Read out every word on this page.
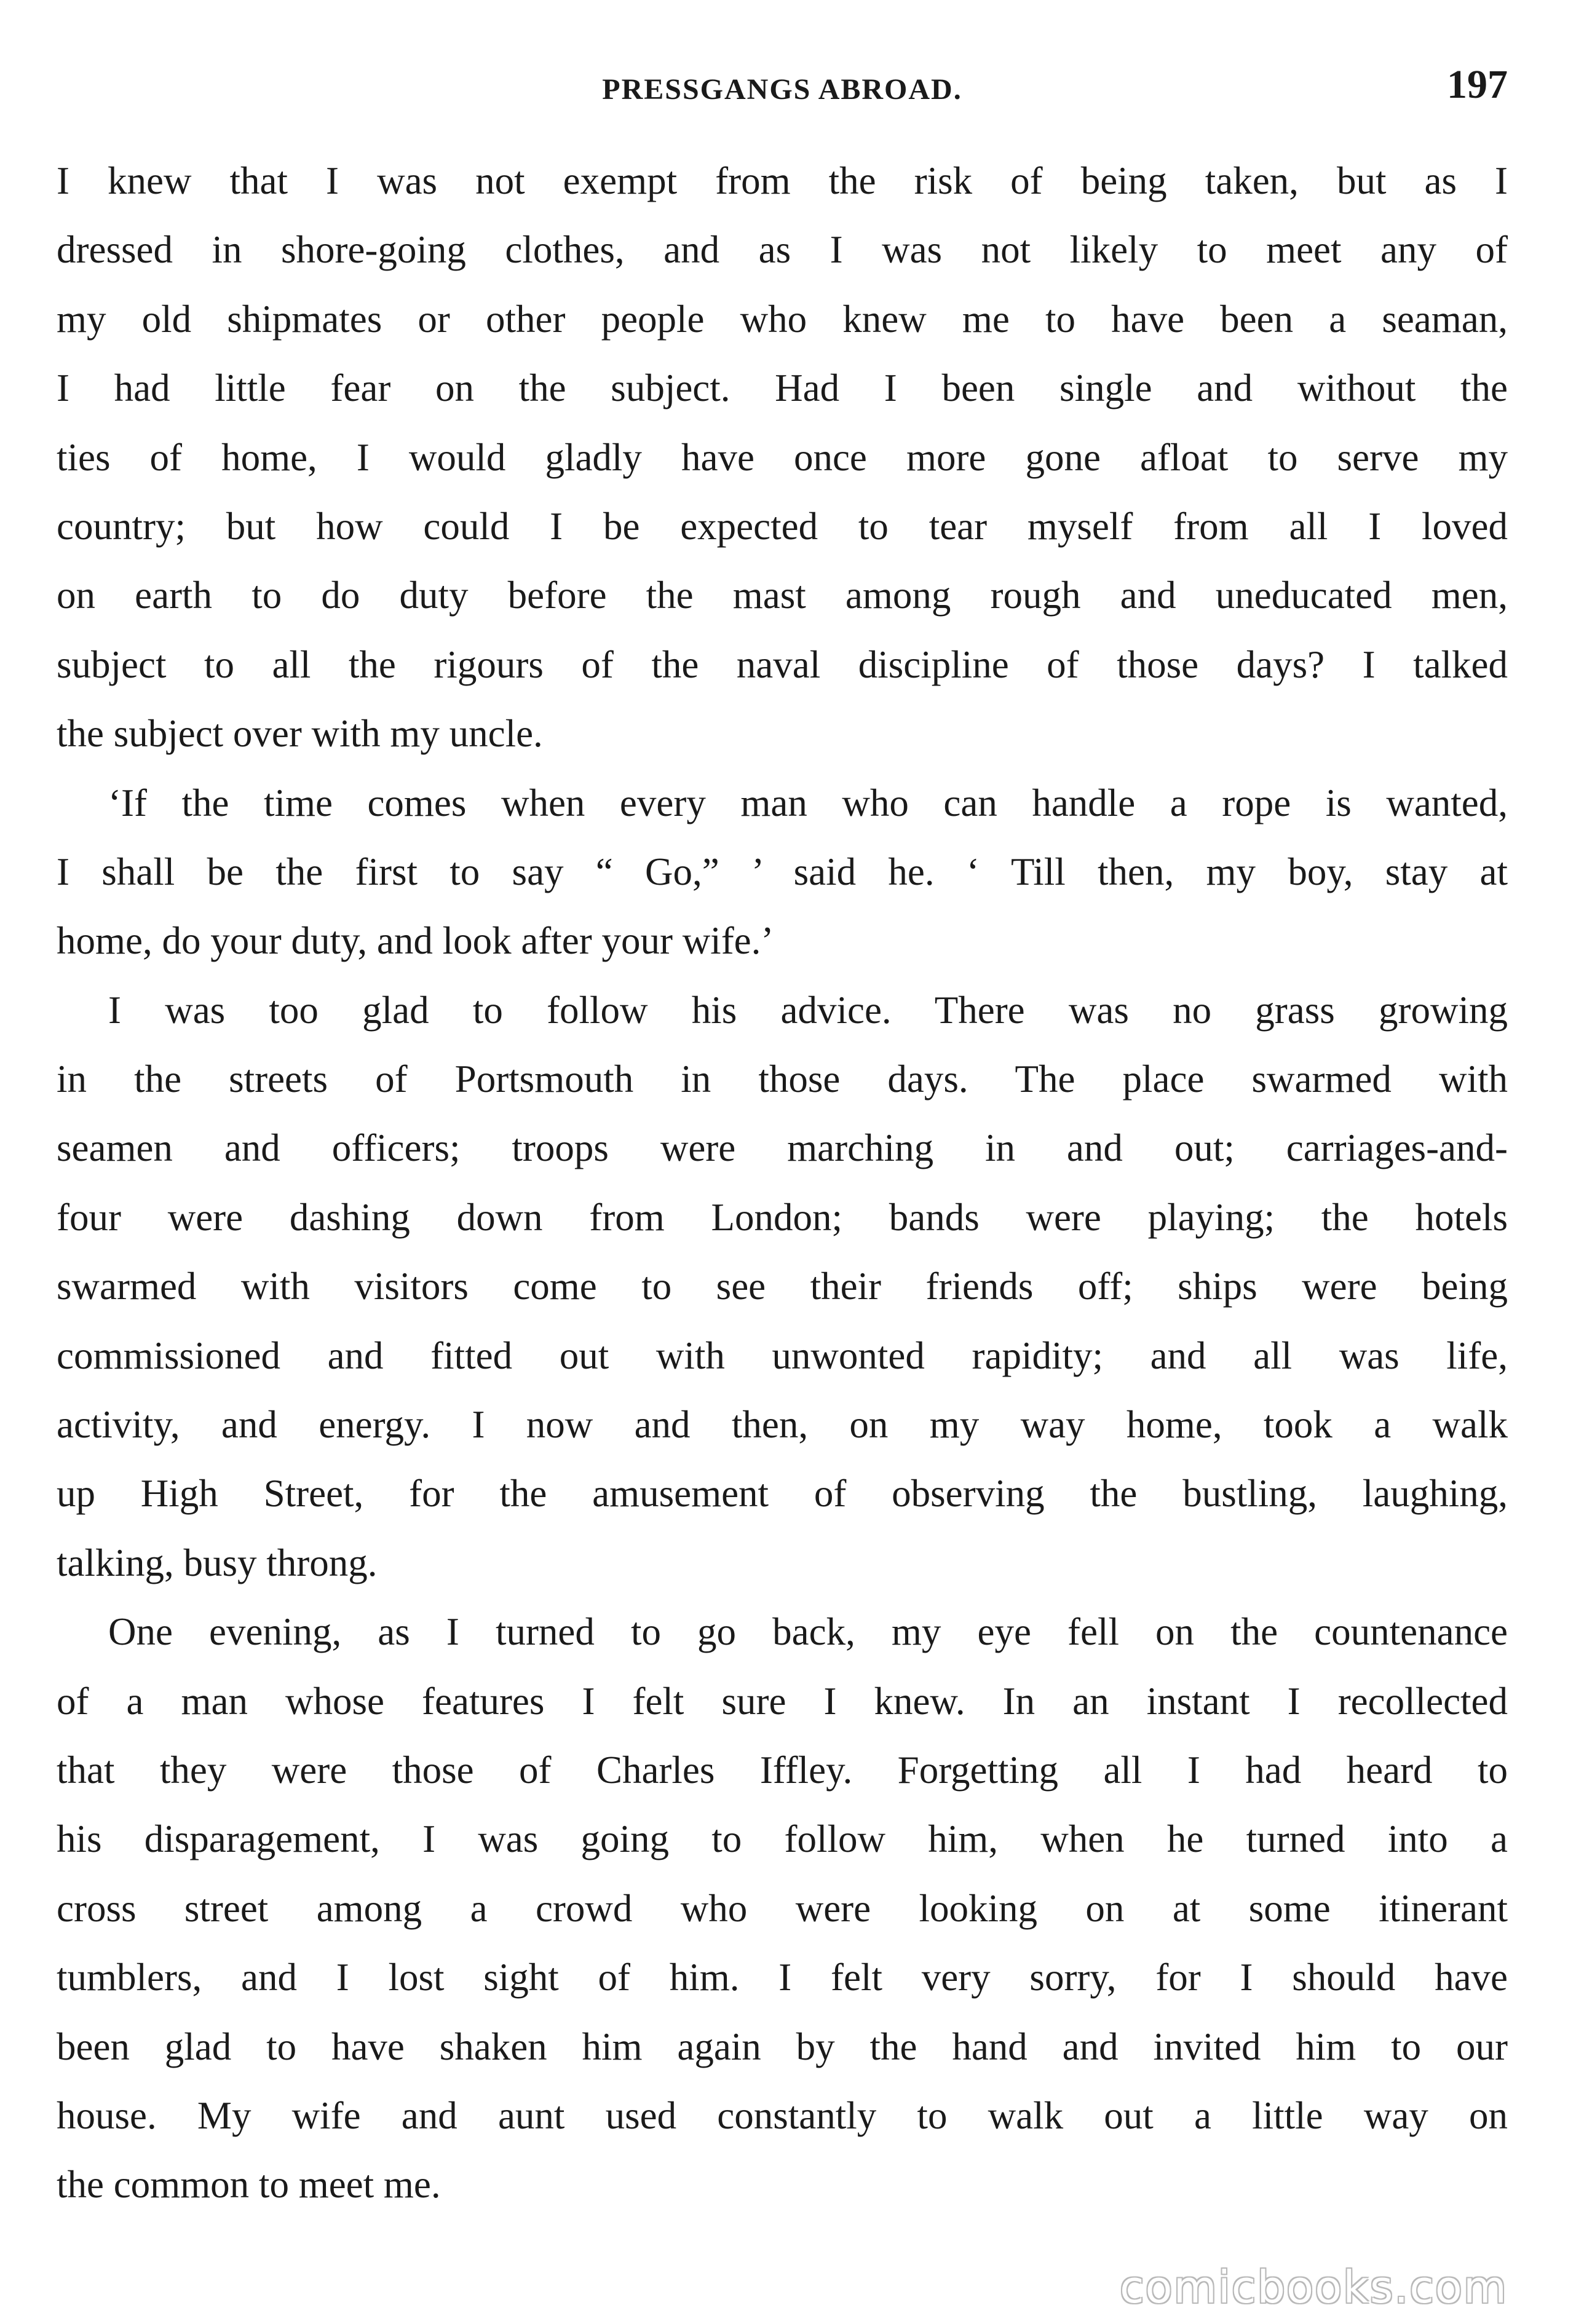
PRESSGANGS ABROAD.	197
I knew that I was not exempt from the risk of being taken, but as I
dressed in shore-going clothes, and as I was not likely to meet any of
my old shipmates or other people who knew me to have been a seaman,
I had little fear on the subject. Had I been single and without the
ties of home, I would gladly have once more gone afloat to serve my
country; but how could I be expected to tear myself from all I loved
on earth to do duty before the mast among rough and uneducated men,
subject to all the rigours of the naval discipline of those days? I talked
the subject over with my uncle.
‘If the time comes when every man who can handle a rope is wanted,
I shall be the first to say “ Go,” ’ said he. ‘ Till then, my boy, stay at
home, do your duty, and look after your wife.’
I was too glad to follow his advice. There was no grass growing
in the streets of Portsmouth in those days. The place swarmed with
seamen and officers; troops were marching in and out; carriages-and-
four were dashing down from London; bands were playing; the hotels
swarmed with visitors come to see their friends off; ships were being
commissioned and fitted out with unwonted rapidity; and all was life,
activity, and energy. I now and then, on my way home, took a walk
up High Street, for the amusement of observing the bustling, laughing,
talking, busy throng.
One evening, as I turned to go back, my eye fell on the countenance
of a man whose features I felt sure I knew. In an instant I recollected
that they were those of Charles Iffley. Forgetting all I had heard to
his disparagement, I was going to follow him, when he turned into a
cross street among a crowd who were looking on at some itinerant
tumblers, and I lost sight of him. I felt very sorry, for I should have
been glad to have shaken him again by the hand and invited him to our
house. My wife and aunt used constantly to walk out a little way on
the common to meet me.
comicbooks.com
